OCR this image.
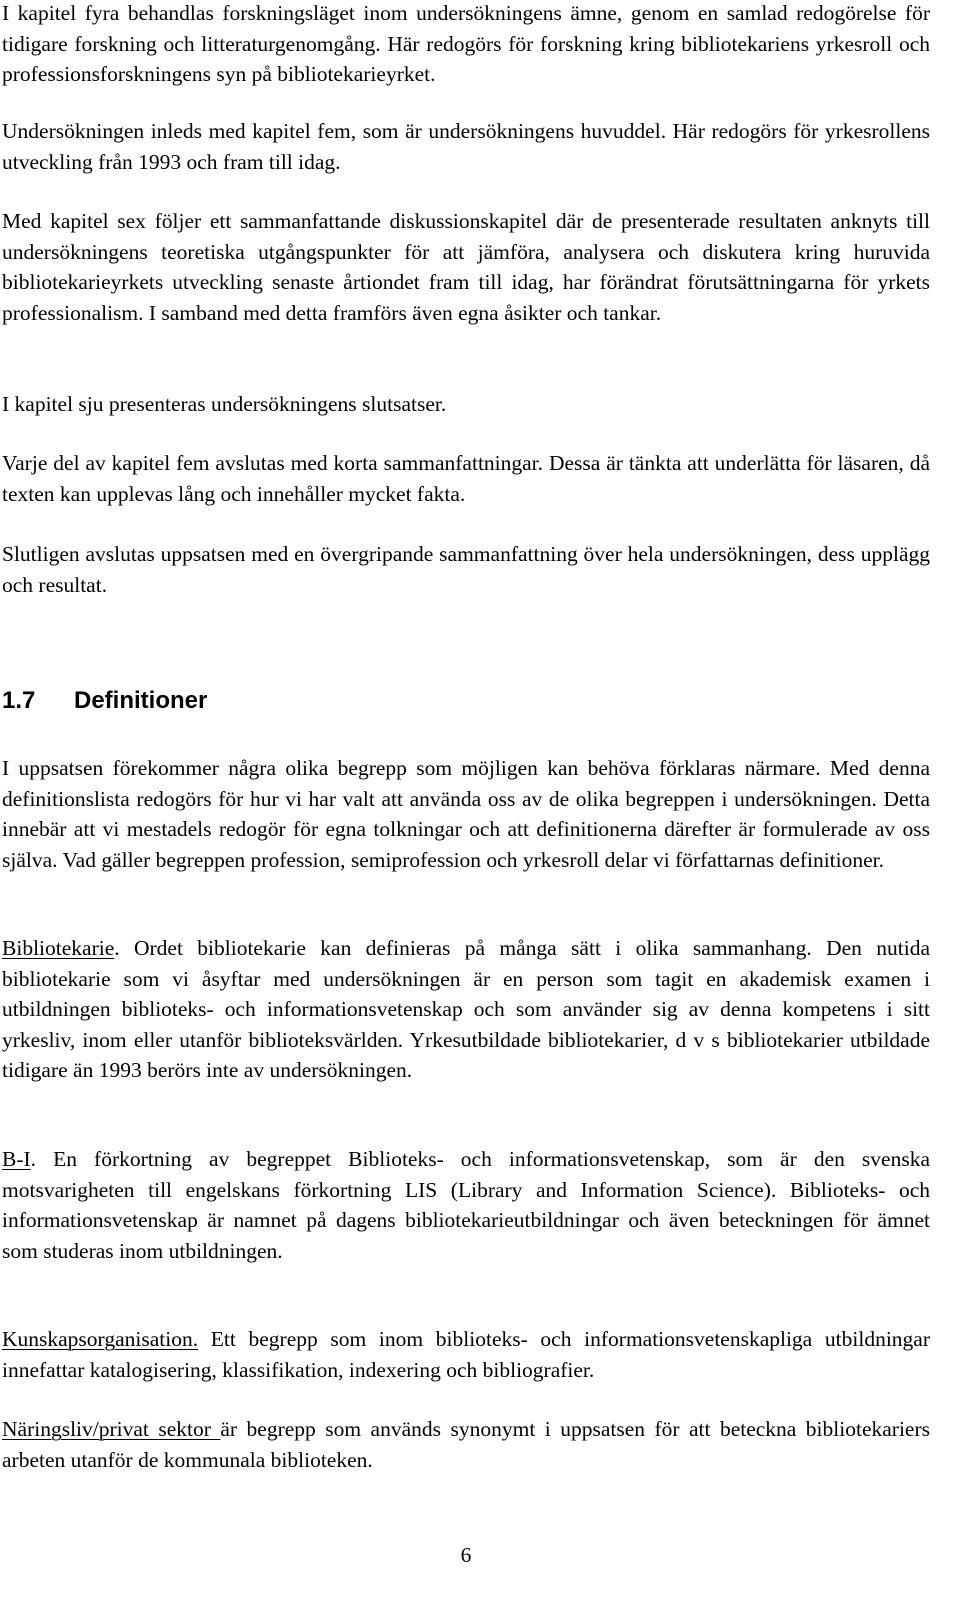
I kapitel fyra behandlas forskningsläget inom undersökningens ämne, genom en samlad redogörelse för tidigare forskning och litteraturgenomgång. Här redogörs för forskning kring bibliotekariens yrkesroll och professionsforskningens syn på bibliotekarieyrket.

Undersökningen inleds med kapitel fem, som är undersökningens huvuddel. Här redogörs för yrkesrollens utveckling från 1993 och fram till idag.

Med kapitel sex följer ett sammanfattande diskussionskapitel där de presenterade resultaten anknyts till undersökningens teoretiska utgångspunkter för att jämföra, analysera och diskutera kring huruvida bibliotekarieyrkets utveckling senaste årtiondet fram till idag, har förändrat förutsättningarna för yrkets professionalism. I samband med detta framförs även egna åsikter och tankar.

I kapitel sju presenteras undersökningens slutsatser.

Varje del av kapitel fem avslutas med korta sammanfattningar. Dessa är tänkta att underlätta för läsaren, då texten kan upplevas lång och innehåller mycket fakta.

Slutligen avslutas uppsatsen med en övergripande sammanfattning över hela undersökningen, dess upplägg och resultat.

1.7 Definitioner

I uppsatsen förekommer några olika begrepp som möjligen kan behöva förklaras närmare. Med denna definitionslista redogörs för hur vi har valt att använda oss av de olika begreppen i undersökningen. Detta innebär att vi mestadels redogör för egna tolkningar och att definitionerna därefter är formulerade av oss själva. Vad gäller begreppen profession, semiprofession och yrkesroll delar vi författarnas definitioner.

Bibliotekarie. Ordet bibliotekarie kan definieras på många sätt i olika sammanhang. Den nutida bibliotekarie som vi åsyftar med undersökningen är en person som tagit en akademisk examen i utbildningen biblioteks- och informationsvetenskap och som använder sig av denna kompetens i sitt yrkesliv, inom eller utanför biblioteksvärlden. Yrkesutbildade bibliotekarier, d v s bibliotekarier utbildade tidigare än 1993 berörs inte av undersökningen.

B-I. En förkortning av begreppet Biblioteks- och informationsvetenskap, som är den svenska motsvarigheten till engelskans förkortning LIS (Library and Information Science). Biblioteks- och informationsvetenskap är namnet på dagens bibliotekarieutbildningar och även beteckningen för ämnet som studeras inom utbildningen.

Kunskapsorganisation. Ett begrepp som inom biblioteks- och informationsvetenskapliga utbildningar innefattar katalogisering, klassifikation, indexering och bibliografier.

Näringsliv/privat sektor är begrepp som används synonymt i uppsatsen för att beteckna bibliotekariers arbeten utanför de kommunala biblioteken.

6
